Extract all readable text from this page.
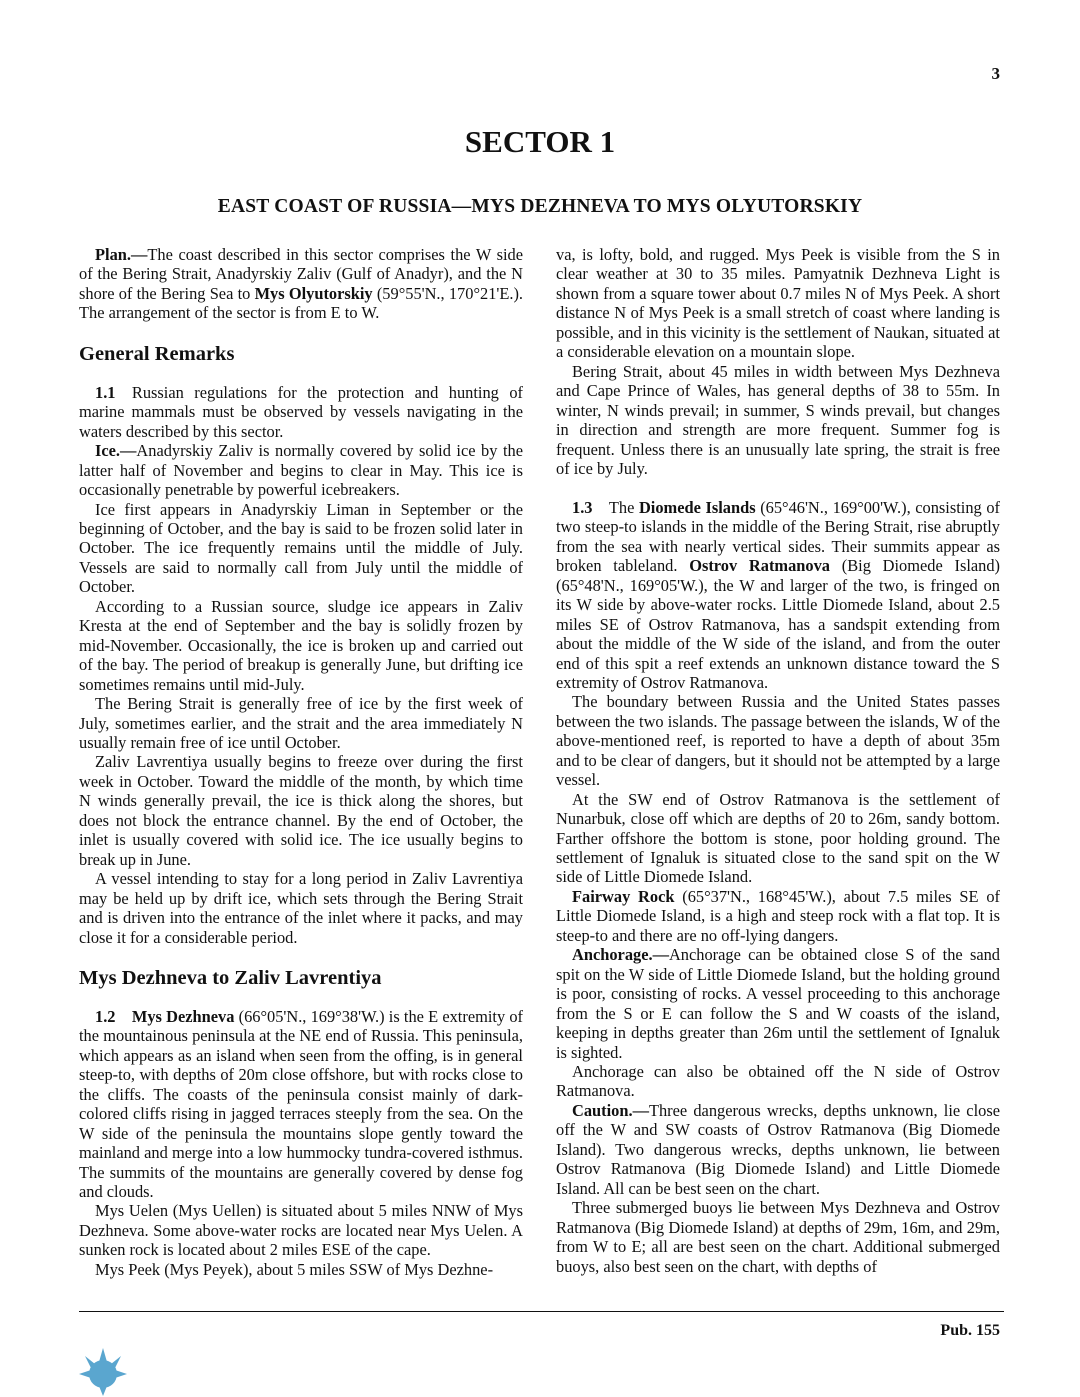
3
SECTOR 1
EAST COAST OF RUSSIA—MYS DEZHNEVA TO MYS OLYUTORSKIY

Plan.—The coast described in this sector comprises the W side of the Bering Strait, Anadyrskiy Zaliv (Gulf of Anadyr), and the N shore of the Bering Sea to Mys Olyutorskiy (59°55'N., 170°21'E.). The arrangement of the sector is from E to W.

General Remarks

1.1 Russian regulations for the protection and hunting of marine mammals must be observed by vessels navigating in the waters described by this sector.

Ice.—Anadyrskiy Zaliv is normally covered by solid ice by the latter half of November and begins to clear in May. This ice is occasionally penetrable by powerful icebreakers.

Ice first appears in Anadyrskiy Liman in September or the beginning of October, and the bay is said to be frozen solid later in October. The ice frequently remains until the middle of July. Vessels are said to normally call from July until the middle of October.

According to a Russian source, sludge ice appears in Zaliv Kresta at the end of September and the bay is solidly frozen by mid-November. Occasionally, the ice is broken up and carried out of the bay. The period of breakup is generally June, but drifting ice sometimes remains until mid-July.

The Bering Strait is generally free of ice by the first week of July, sometimes earlier, and the strait and the area immediately N usually remain free of ice until October.

Zaliv Lavrentiya usually begins to freeze over during the first week in October. Toward the middle of the month, by which time N winds generally prevail, the ice is thick along the shores, but does not block the entrance channel. By the end of October, the inlet is usually covered with solid ice. The ice usually begins to break up in June.

A vessel intending to stay for a long period in Zaliv Lavrentiya may be held up by drift ice, which sets through the Bering Strait and is driven into the entrance of the inlet where it packs, and may close it for a considerable period.

Mys Dezhneva to Zaliv Lavrentiya

1.2  Mys Dezhneva (66°05'N., 169°38'W.) is the E extremity of the mountainous peninsula at the NE end of Russia. This peninsula, which appears as an island when seen from the offing, is in general steep-to, with depths of 20m close offshore, but with rocks close to the cliffs. The coasts of the peninsula consist mainly of dark-colored cliffs rising in jagged terraces steeply from the sea. On the W side of the peninsula the mountains slope gently toward the mainland and merge into a low hummocky tundra-covered isthmus. The summits of the mountains are generally covered by dense fog and clouds.

Mys Uelen (Mys Uellen) is situated about 5 miles NNW of Mys Dezhneva. Some above-water rocks are located near Mys Uelen. A sunken rock is located about 2 miles ESE of the cape.

Mys Peek (Mys Peyek), about 5 miles SSW of Mys Dezhne-

va, is lofty, bold, and rugged. Mys Peek is visible from the S in clear weather at 30 to 35 miles. Pamyatnik Dezhneva Light is shown from a square tower about 0.7 miles N of Mys Peek. A short distance N of Mys Peek is a small stretch of coast where landing is possible, and in this vicinity is the settlement of Naukan, situated at a considerable elevation on a mountain slope.

Bering Strait, about 45 miles in width between Mys Dezhneva and Cape Prince of Wales, has general depths of 38 to 55m. In winter, N winds prevail; in summer, S winds prevail, but changes in direction and strength are more frequent. Summer fog is frequent. Unless there is an unusually late spring, the strait is free of ice by July.

1.3 The Diomede Islands (65°46'N., 169°00'W.), consisting of two steep-to islands in the middle of the Bering Strait, rise abruptly from the sea with nearly vertical sides. Their summits appear as broken tableland. Ostrov Ratmanova (Big Diomede Island) (65°48'N., 169°05'W.), the W and larger of the two, is fringed on its W side by above-water rocks. Little Diomede Island, about 2.5 miles SE of Ostrov Ratmanova, has a sandspit extending from about the middle of the W side of the island, and from the outer end of this spit a reef extends an unknown distance toward the S extremity of Ostrov Ratmanova.

The boundary between Russia and the United States passes between the two islands. The passage between the islands, W of the above-mentioned reef, is reported to have a depth of about 35m and to be clear of dangers, but it should not be attempted by a large vessel.

At the SW end of Ostrov Ratmanova is the settlement of Nunarbuk, close off which are depths of 20 to 26m, sandy bottom. Farther offshore the bottom is stone, poor holding ground. The settlement of Ignaluk is situated close to the sand spit on the W side of Little Diomede Island.

Fairway Rock (65°37'N., 168°45'W.), about 7.5 miles SE of Little Diomede Island, is a high and steep rock with a flat top. It is steep-to and there are no off-lying dangers.

Anchorage.—Anchorage can be obtained close S of the sand spit on the W side of Little Diomede Island, but the holding ground is poor, consisting of rocks. A vessel proceeding to this anchorage from the S or E can follow the S and W coasts of the island, keeping in depths greater than 26m until the settlement of Ignaluk is sighted.

Anchorage can also be obtained off the N side of Ostrov Ratmanova.

Caution.—Three dangerous wrecks, depths unknown, lie close off the W and SW coasts of Ostrov Ratmanova (Big Diomede Island). Two dangerous wrecks, depths unknown, lie between Ostrov Ratmanova (Big Diomede Island) and Little Diomede Island. All can be best seen on the chart.

Three submerged buoys lie between Mys Dezhneva and Ostrov Ratmanova (Big Diomede Island) at depths of 29m, 16m, and 29m, from W to E; all are best seen on the chart. Additional submerged buoys, also best seen on the chart, with depths of

Pub. 155
